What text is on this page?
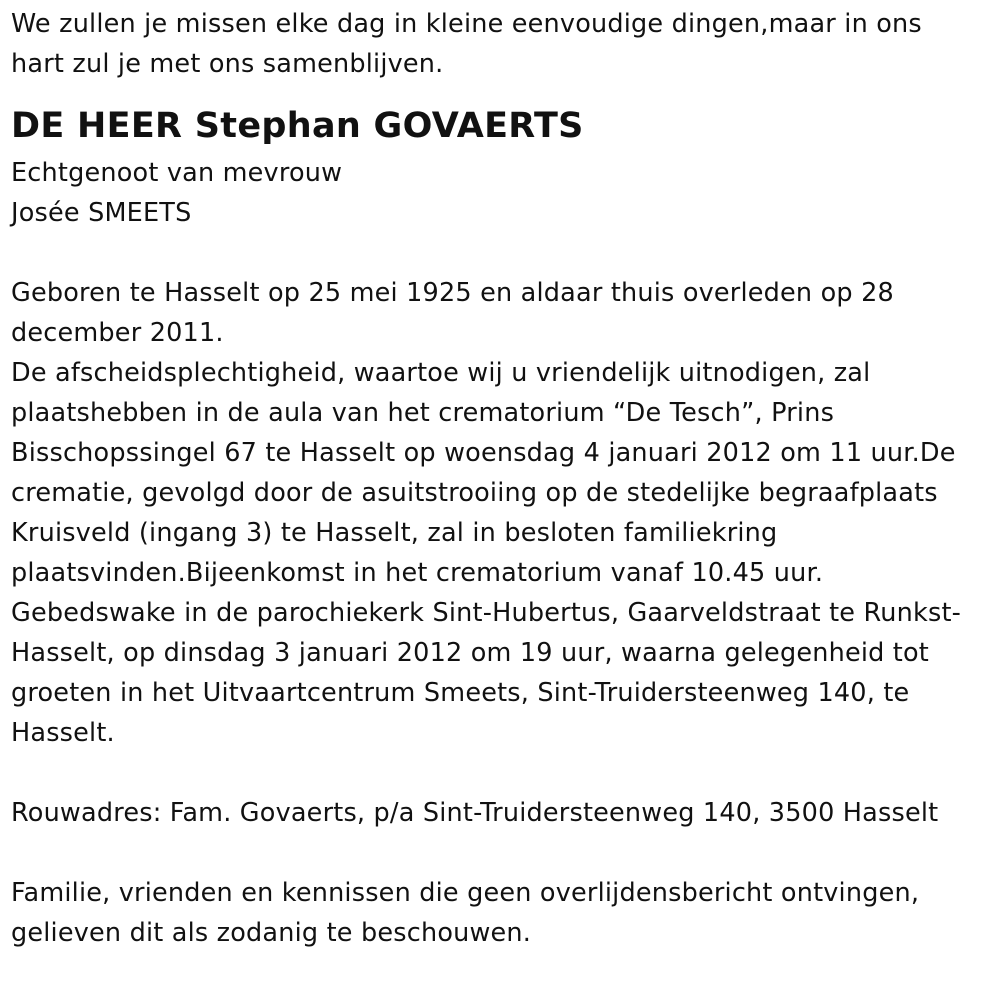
We zullen je missen elke dag in kleine eenvoudige dingen,maar in ons
hart zul je met ons samenblijven.
DE HEER Stephan GOVAERTS
Echtgenoot van mevrouw
Josée SMEETS
Geboren te Hasselt op 25 mei 1925 en aldaar thuis overleden op 28
december 2011.
De afscheidsplechtigheid, waartoe wij u vriendelijk uitnodigen, zal
plaatshebben in de aula van het crematorium “De Tesch”, Prins
Bisschopssingel 67 te Hasselt op woensdag 4 januari 2012 om 11 uur.De
crematie, gevolgd door de asuitstrooiing op de stedelijke begraafplaats
Kruisveld (ingang 3) te Hasselt, zal in besloten familiekring
plaatsvinden.Bijeenkomst in het crematorium vanaf 10.45 uur.
Gebedswake in de parochiekerk Sint-Hubertus, Gaarveldstraat te Runkst-
Hasselt, op dinsdag 3 januari 2012 om 19 uur, waarna gelegenheid tot
groeten in het Uitvaartcentrum Smeets, Sint-Truidersteenweg 140, te
Hasselt.
Rouwadres: Fam. Govaerts, p/a Sint-Truidersteenweg 140, 3500 Hasselt
Familie, vrienden en kennissen die geen overlijdensbericht ontvingen,
gelieven dit als zodanig te beschouwen.
